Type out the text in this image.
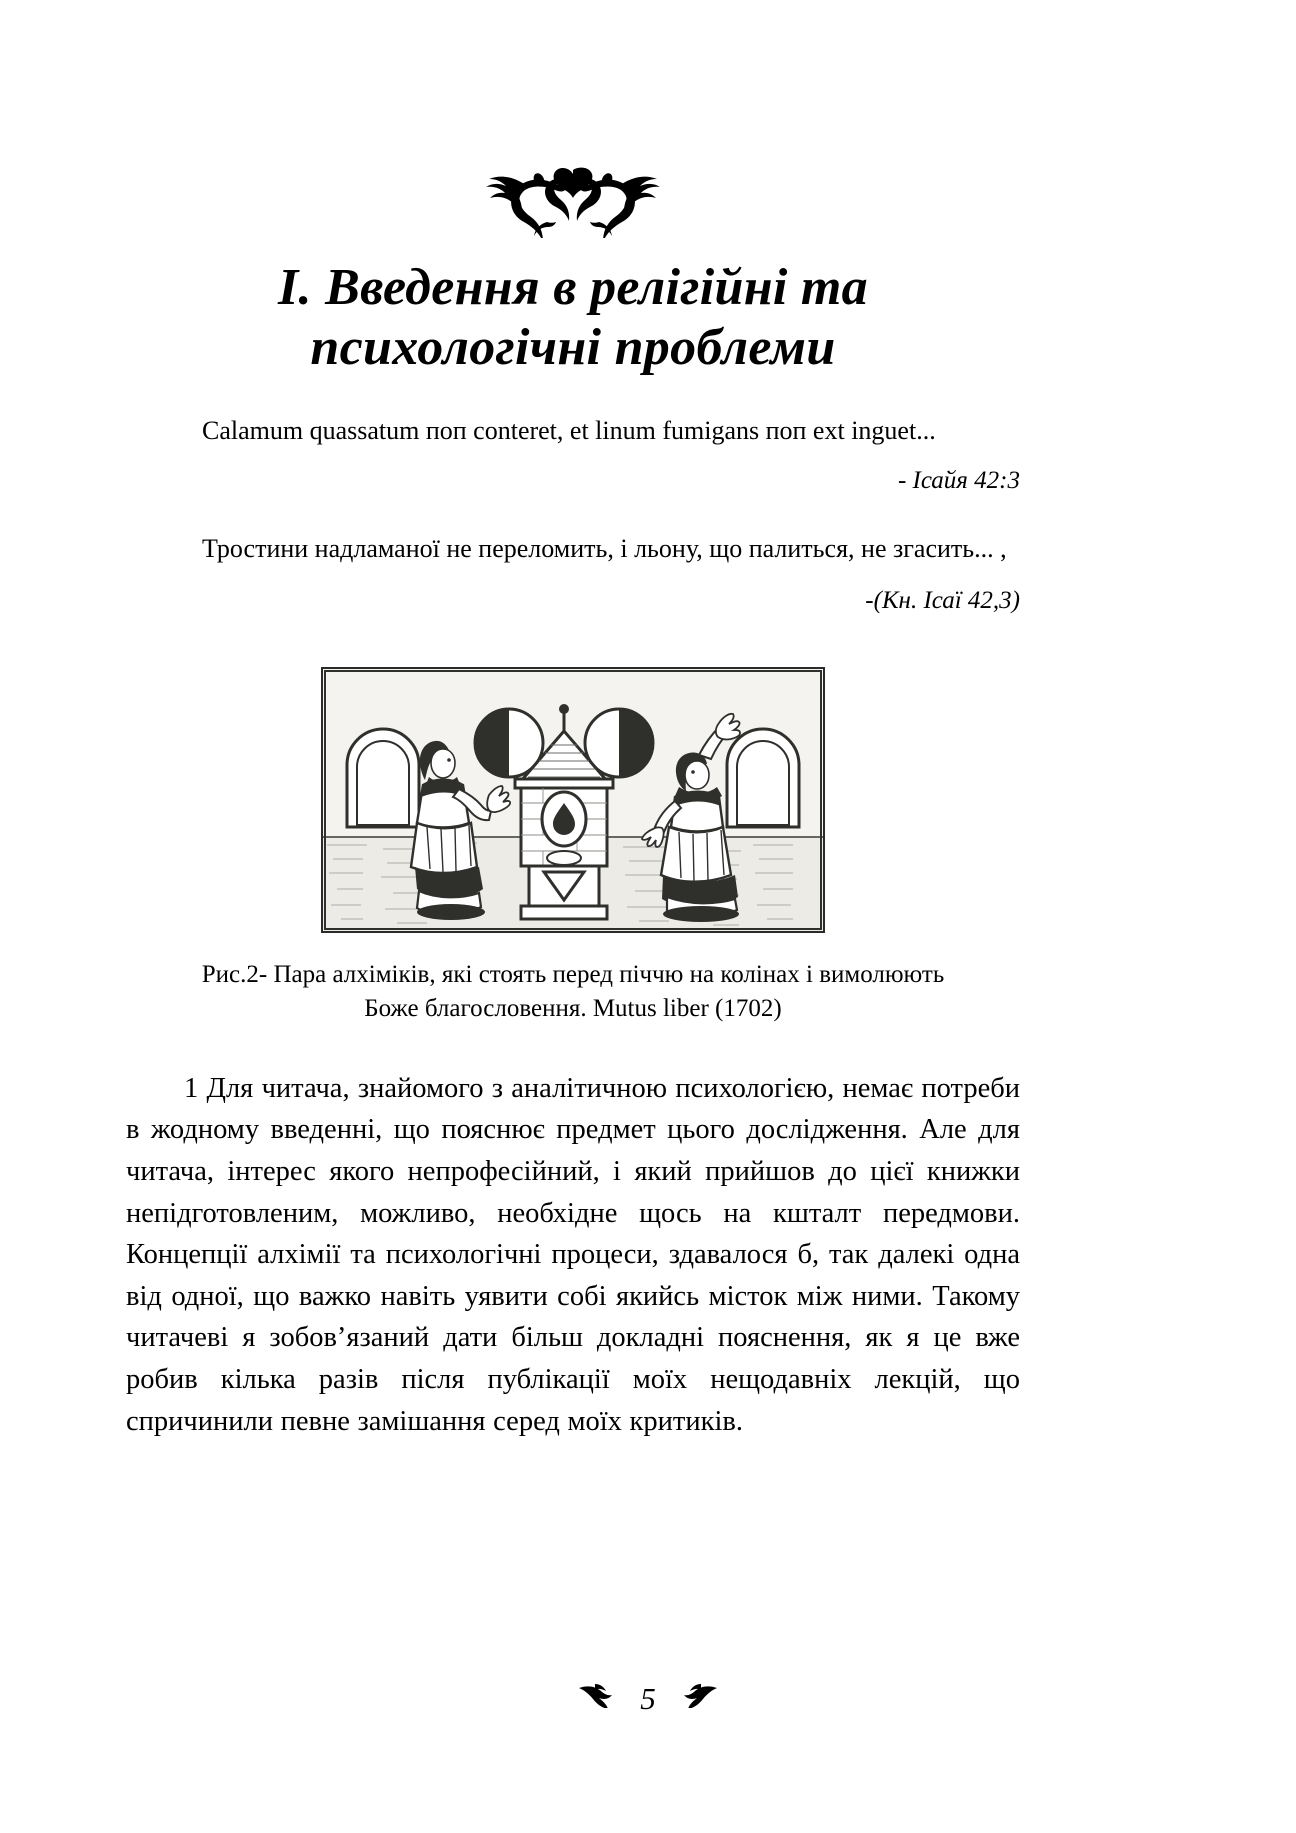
I. Введення в релігійні та
психологічні проблеми

Calamum quassatum поп conteret, et linum fumigans поп ext inguet...

- Ісайя 42:3

Тростини надламаної не переломить, і льону, що палиться, не згасить... ,

-(Кн. Ісаї 42,3)
Рис.2- Пара алхіміків, які стоять перед піччю на колінах і вимолюють
Боже благословення. Mutus liber (1702)

1 Для читача, знайомого з аналітичною психологією, немає потреби в жодному введенні, що пояснює предмет цього дослідження. Але для читача, інтерес якого непрофесійний, і який прийшов до цієї книжки непідготовленим, можливо, необхідне щось на кшталт передмови. Концепції алхімії та психологічні процеси, здавалося б, так далекі одна від одної, що важко навіть уявити собі якийсь місток між ними. Такому читачеві я зобов’язаний дати більш докладні пояснення, як я це вже робив кілька разів після публікації моїх нещодавніх лекцій, що спричинили певне замішання серед моїх критиків.

5
